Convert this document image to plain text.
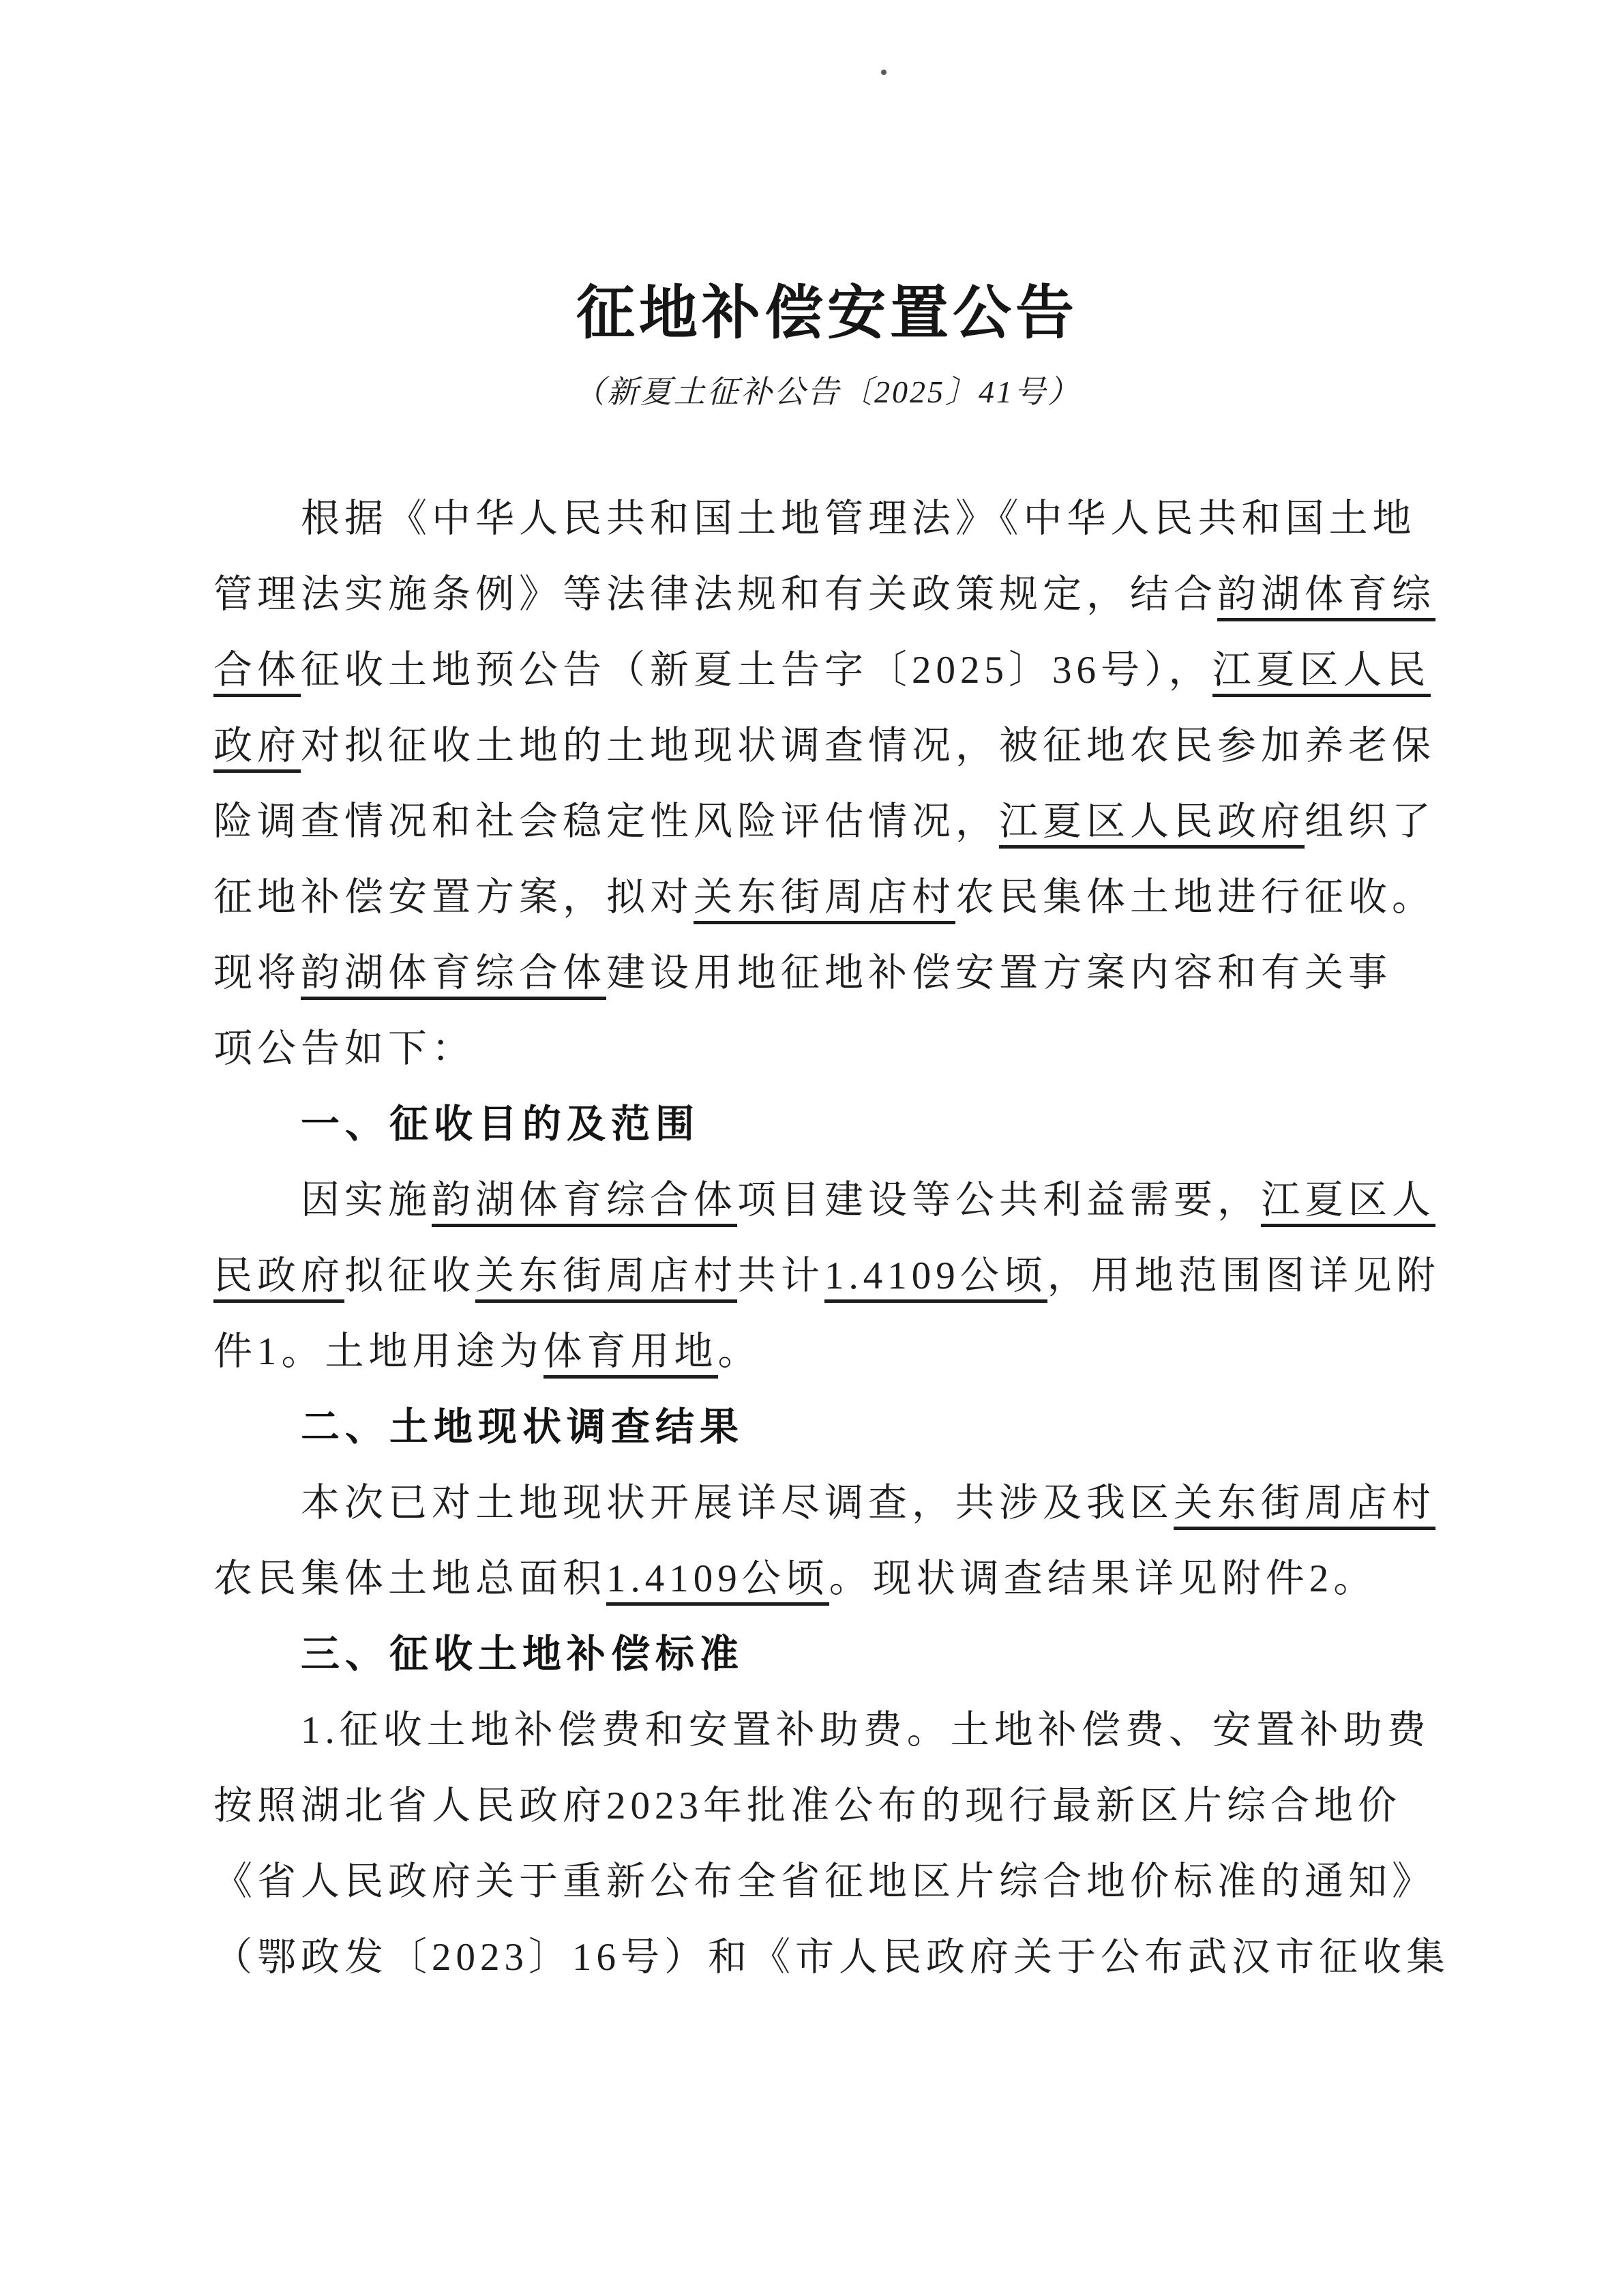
征地补偿安置公告
（新夏土征补公告〔2025〕41号）
根据《中华人民共和国土地管理法》《中华人民共和国土地
管理法实施条例》等法律法规和有关政策规定，结合韵湖体育综
合体征收土地预公告（新夏土告字〔2025〕36号），江夏区人民
政府对拟征收土地的土地现状调查情况，被征地农民参加养老保
险调查情况和社会稳定性风险评估情况，江夏区人民政府组织了
征地补偿安置方案，拟对关东街周店村农民集体土地进行征收。
现将韵湖体育综合体建设用地征地补偿安置方案内容和有关事
项公告如下：
一、征收目的及范围
因实施韵湖体育综合体项目建设等公共利益需要，江夏区人
民政府拟征收关东街周店村共计1.4109公顷，用地范围图详见附
件1。土地用途为体育用地。
二、土地现状调查结果
本次已对土地现状开展详尽调查，共涉及我区关东街周店村
农民集体土地总面积1.4109公顷。现状调查结果详见附件2。
三、征收土地补偿标准
1.征收土地补偿费和安置补助费。土地补偿费、安置补助费
按照湖北省人民政府2023年批准公布的现行最新区片综合地价
《省人民政府关于重新公布全省征地区片综合地价标准的通知》
（鄂政发〔2023〕16号）和《市人民政府关于公布武汉市征收集
